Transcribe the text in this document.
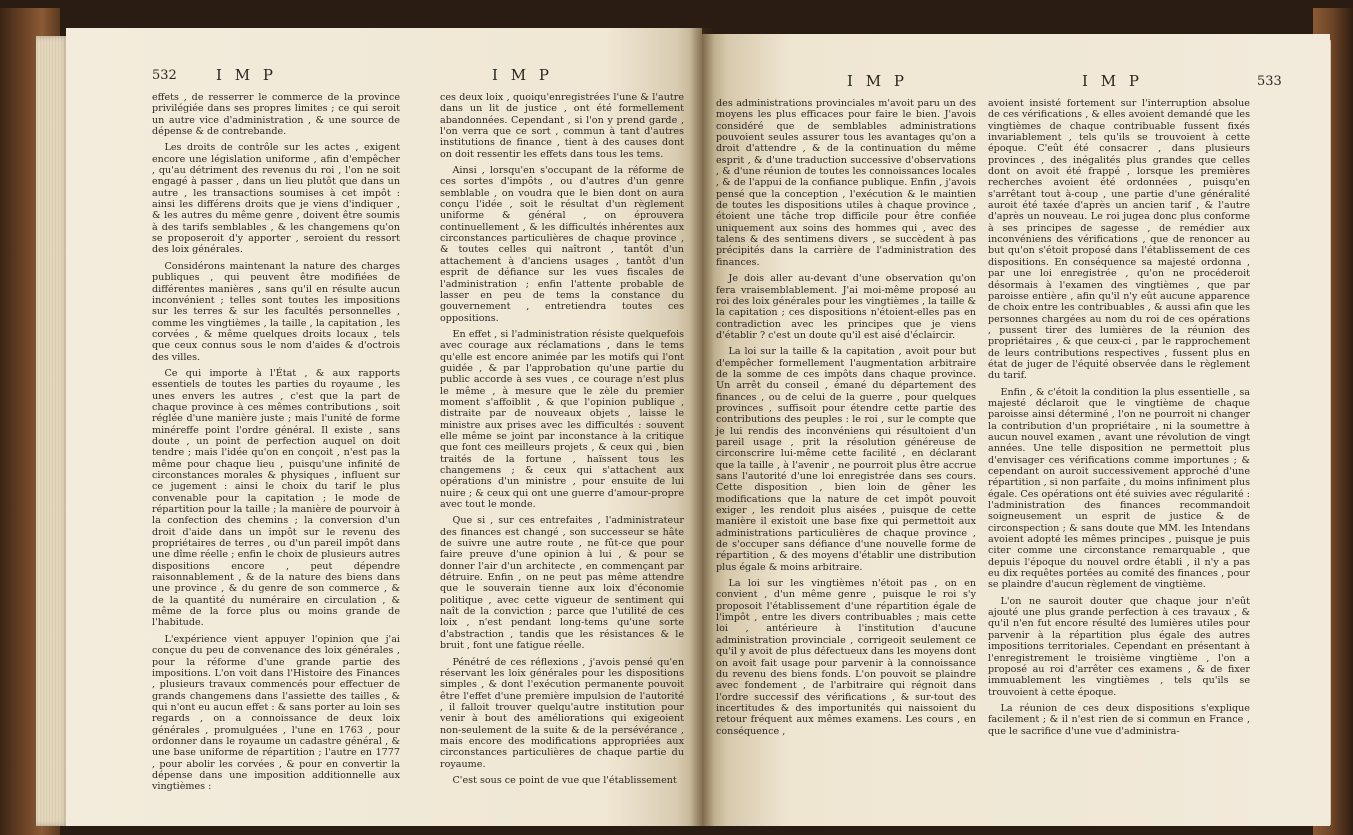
532	I M P	I M P

effets , de resserrer le commerce de la province privilégiée dans ses propres limites ; ce qui seroit un autre vice d'administration , & une source de dépense & de contrebande.

Les droits de contrôle sur les actes , exigent encore une législation uniforme , afin d'empêcher , qu'au détriment des revenus du roi , l'on ne soit engagé à passer , dans un lieu plutôt que dans un autre , les transactions soumises à cet impôt : ainsi les différens droits que je viens d'indiquer , & les autres du même genre , doivent être soumis à des tarifs semblables , & les changemens qu'on se proposeroit d'y apporter , seroient du ressort des loix générales.

Considérons maintenant la nature des charges publiques , qui peuvent être modifiées de différentes manières , sans qu'il en résulte aucun inconvénient ; telles sont toutes les impositions sur les terres & sur les facultés personnelles , comme les vingtièmes , la taille , la capitation , les corvées , & même quelques droits locaux , tels que ceux connus sous le nom d'aides & d'octrois des villes.

Ce qui importe à l'État , & aux rapports essentiels de toutes les parties du royaume , les unes envers les autres , c'est que la part de chaque province à ces mêmes contributions , soit réglée d'une manière juste ; mais l'unité de forme minéreffe point l'ordre général. Il existe , sans doute , un point de perfection auquel on doit tendre ; mais l'idée qu'on en conçoit , n'est pas la même pour chaque lieu , puisqu'une infinité de circonstances morales & physiques , influent sur ce jugement : ainsi le choix du tarif le plus convenable pour la capitation ; le mode de répartition pour la taille ; la manière de pourvoir à la confection des chemins ; la conversion d'un droit d'aide dans un impôt sur le revenu des propriétaires de terres , ou d'un pareil impôt dans une dîme réelle ; enfin le choix de plusieurs autres dispositions encore , peut dépendre raisonnablement , & de la nature des biens dans une province , & du genre de son commerce , & de la quantité du numéraire en circulation , & même de la force plus ou moins grande de l'habitude.

L'expérience vient appuyer l'opinion que j'ai conçue du peu de convenance des loix générales , pour la réforme d'une grande partie des impositions. L'on voit dans l'Histoire des Finances , plusieurs travaux commencés pour effectuer de grands changemens dans l'assiette des tailles , & qui n'ont eu aucun effet : & sans porter au loin ses regards , on a connoissance de deux loix générales , promulguées , l'une en 1763 , pour ordonner dans le royaume un cadastre général , & une base uniforme de répartition ; l'autre en 1777 , pour abolir les corvées , & pour en convertir la dépense dans une imposition additionnelle aux vingtièmes :

ces deux loix , quoiqu'enregistrées l'une & l'autre dans un lit de justice , ont été formellement abandonnées. Cependant , si l'on y prend garde , l'on verra que ce sort , commun à tant d'autres institutions de finance , tient à des causes dont on doit ressentir les effets dans tous les tems.

Ainsi , lorsqu'en s'occupant de la réforme de ces sortes d'impôts , ou d'autres d'un genre semblable , on voudra que le bien dont on aura conçu l'idée , soit le résultat d'un règlement uniforme & général , on éprouvera continuellement , & les difficultés inhérentes aux circonstances particulières de chaque province , & toutes celles qui naîtront , tantôt d'un attachement à d'anciens usages , tantôt d'un esprit de défiance sur les vues fiscales de l'administration ; enfin l'attente probable de lasser en peu de tems la constance du gouvernement , entretiendra toutes ces oppositions.

En effet , si l'administration résiste quelquefois avec courage aux réclamations , dans le tems qu'elle est encore animée par les motifs qui l'ont guidée , & par l'approbation qu'une partie du public accorde à ses vues , ce courage n'est plus le même , à mesure que le zèle du premier moment s'affoiblit , & que l'opinion publique , distraite par de nouveaux objets , laisse le ministre aux prises avec les difficultés : souvent elle même se joint par inconstance à la critique que font ces meilleurs projets , & ceux qui , bien traités de la fortune , haïssent tous les changemens ; & ceux qui s'attachent aux opérations d'un ministre , pour ensuite de lui nuire ; & ceux qui ont une guerre d'amour-propre avec tout le monde.

Que si , sur ces entrefaites , l'administrateur des finances est changé , son successeur se hâte de suivre une autre route , ne fût-ce que pour faire preuve d'une opinion à lui , & pour se donner l'air d'un architecte , en commençant par détruire. Enfin , on ne peut pas même attendre que le souverain tienne aux loix d'économie politique , avec cette vigueur de sentiment qui naît de la conviction ; parce que l'utilité de ces loix , n'est pendant long-tems qu'une sorte d'abstraction , tandis que les résistances & le bruit , font une fatigue réelle.

Pénétré de ces réflexions , j'avois pensé qu'en réservant les loix générales pour les dispositions simples , & dont l'exécution permanente pouvoit être l'effet d'une première impulsion de l'autorité , il falloit trouver quelqu'autre institution pour venir à bout des améliorations qui exigeoient non-seulement de la suite & de la persévérance , mais encore des modifications appropriées aux circonstances particulières de chaque partie du royaume.

C'est sous ce point de vue que l'établissement

I M P	I M P	533

des administrations provinciales m'avoit paru un des moyens les plus efficaces pour faire le bien. J'avois considéré que de semblables administrations pouvoient seules assurer tous les avantages qu'on a droit d'attendre , & de la continuation du même esprit , & d'une traduction successive d'observations , & d'une réunion de toutes les connoissances locales , & de l'appui de la confiance publique. Enfin , j'avois pensé que la conception , l'exécution & le maintien de toutes les dispositions utiles à chaque province , étoient une tâche trop difficile pour être confiée uniquement aux soins des hommes qui , avec des talens & des sentimens divers , se succèdent à pas précipités dans la carrière de l'administration des finances.

Je dois aller au-devant d'une observation qu'on fera vraisemblablement. J'ai moi-même proposé au roi des loix générales pour les vingtièmes , la taille & la capitation ; ces dispositions n'étoient-elles pas en contradiction avec les principes que je viens d'établir ? c'est un doute qu'il est aisé d'éclaircir.

La loi sur la taille & la capitation , avoit pour but d'empêcher formellement l'augmentation arbitraire de la somme de ces impôts dans chaque province. Un arrêt du conseil , émané du département des finances , ou de celui de la guerre , pour quelques provinces , suffisoit pour étendre cette partie des contributions des peuples : le roi , sur le compte que je lui rendis des inconvéniens qui résultoient d'un pareil usage , prit la résolution généreuse de circonscrire lui-même cette facilité , en déclarant que la taille , à l'avenir , ne pourroit plus être accrue sans l'autorité d'une loi enregistrée dans ses cours. Cette disposition , bien loin de gêner les modifications que la nature de cet impôt pouvoit exiger , les rendoit plus aisées , puisque de cette manière il existoit une base fixe qui permettoit aux administrations particulières de chaque province , de s'occuper sans défiance d'une nouvelle forme de répartition , & des moyens d'établir une distribution plus égale & moins arbitraire.

La loi sur les vingtièmes n'étoit pas , on en convient , d'un même genre , puisque le roi s'y proposoit l'établissement d'une répartition égale de l'impôt , entre les divers contribuables ; mais cette loi , antérieure à l'institution d'aucune administration provinciale , corrigeoit seulement ce qu'il y avoit de plus défectueux dans les moyens dont on avoit fait usage pour parvenir à la connoissance du revenu des biens fonds. L'on pouvoit se plaindre avec fondement , de l'arbitraire qui régnoit dans l'ordre successif des vérifications , & sur-tout des incertitudes & des importunités qui naissoient du retour fréquent aux mêmes examens. Les cours , en conséquence ,

avoient insisté fortement sur l'interruption absolue de ces vérifications , & elles avoient demandé que les vingtièmes de chaque contribuable fussent fixés invariablement , tels qu'ils se trouvoient à cette époque. C'eût été consacrer , dans plusieurs provinces , des inégalités plus grandes que celles dont on avoit été frappé , lorsque les premières recherches avoient été ordonnées , puisqu'en s'arrêtant tout à-coup , une partie d'une généralité auroit été taxée d'après un ancien tarif , & l'autre d'après un nouveau. Le roi jugea donc plus conforme à ses principes de sagesse , de remédier aux inconvéniens des vérifications , que de renoncer au but qu'on s'étoit proposé dans l'établissement de ces dispositions. En conséquence sa majesté ordonna , par une loi enregistrée , qu'on ne procéderoit désormais à l'examen des vingtièmes , que par paroisse entière , afin qu'il n'y eût aucune apparence de choix entre les contribuables , & aussi afin que les personnes chargées au nom du roi de ces opérations , pussent tirer des lumières de la réunion des propriétaires , & que ceux-ci , par le rapprochement de leurs contributions respectives , fussent plus en état de juger de l'équité observée dans le règlement du tarif.

Enfin , & c'étoit la condition la plus essentielle , sa majesté déclaroit que le vingtième de chaque paroisse ainsi déterminé , l'on ne pourroit ni changer la contribution d'un propriétaire , ni la soumettre à aucun nouvel examen , avant une révolution de vingt années. Une telle disposition ne permettoit plus d'envisager ces vérifications comme importunes ; & cependant on auroit successivement approché d'une répartition , si non parfaite , du moins infiniment plus égale. Ces opérations ont été suivies avec régularité : l'administration des finances recommandoit soigneusement un esprit de justice & de circonspection ; & sans doute que MM. les Intendans avoient adopté les mêmes principes , puisque je puis citer comme une circonstance remarquable , que depuis l'époque du nouvel ordre établi , il n'y a pas eu dix requêtes portées au comité des finances , pour se plaindre d'aucun règlement de vingtième.

L'on ne sauroit douter que chaque jour n'eût ajouté une plus grande perfection à ces travaux , & qu'il n'en fut encore résulté des lumières utiles pour parvenir à la répartition plus égale des autres impositions territoriales. Cependant en présentant à l'enregistrement le troisième vingtième , l'on a proposé au roi d'arrêter ces examens , & de fixer immuablement les vingtièmes , tels qu'ils se trouvoient à cette époque.

La réunion de ces deux dispositions s'explique facilement ; & il n'est rien de si commun en France , que le sacrifice d'une vue d'administra-
